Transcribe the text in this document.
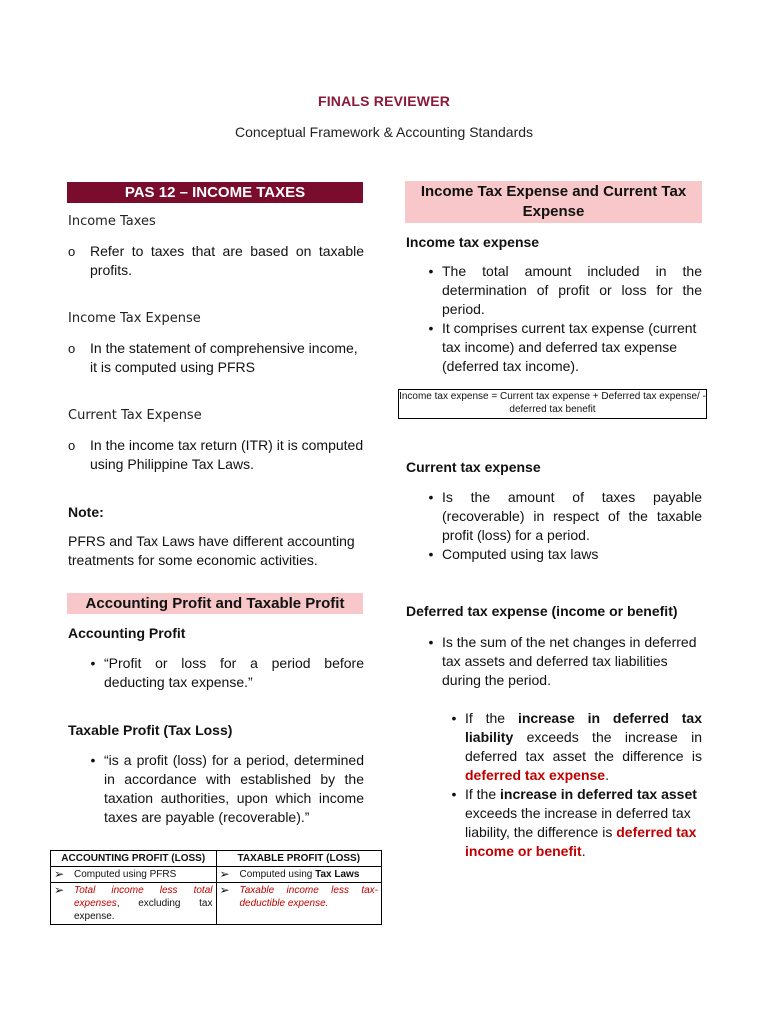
FINALS REVIEWER
Conceptual Framework & Accounting Standards
PAS 12 – INCOME TAXES
Income Taxes
o	Refer to taxes that are based on taxable profits.
Income Tax Expense
o	In the statement of comprehensive income, it is computed using PFRS
Current Tax Expense
o	In the income tax return (ITR) it is computed using Philippine Tax Laws.
Note:
PFRS and Tax Laws have different accounting treatments for some economic activities.
Accounting Profit and Taxable Profit
Accounting Profit
• “Profit or loss for a period before deducting tax expense.”
Taxable Profit (Tax Loss)
• “is a profit (loss) for a period, determined in accordance with established by the taxation authorities, upon which income taxes are payable (recoverable).”
ACCOUNTING PROFIT (LOSS)	TAXABLE PROFIT (LOSS)

➢ Computed using PFRS	➢ Computed using Tax Laws

➢ Total income less total expenses, excluding tax expense.	➢ Taxable income less tax-deductible expense.
Income Tax Expense and Current Tax Expense
Income tax expense
• The total amount included in the determination of profit or loss for the period.
• It comprises current tax expense (current tax income) and deferred tax expense (deferred tax income).
Income tax expense = Current tax expense + Deferred tax expense/ - deferred tax benefit
Current tax expense
• Is the amount of taxes payable (recoverable) in respect of the taxable profit (loss) for a period.
• Computed using tax laws
Deferred tax expense (income or benefit)
• Is the sum of the net changes in deferred tax assets and deferred tax liabilities during the period.
• If the increase in deferred tax liability exceeds the increase in deferred tax asset the difference is deferred tax expense.
• If the increase in deferred tax asset exceeds the increase in deferred tax liability, the difference is deferred tax income or benefit.
